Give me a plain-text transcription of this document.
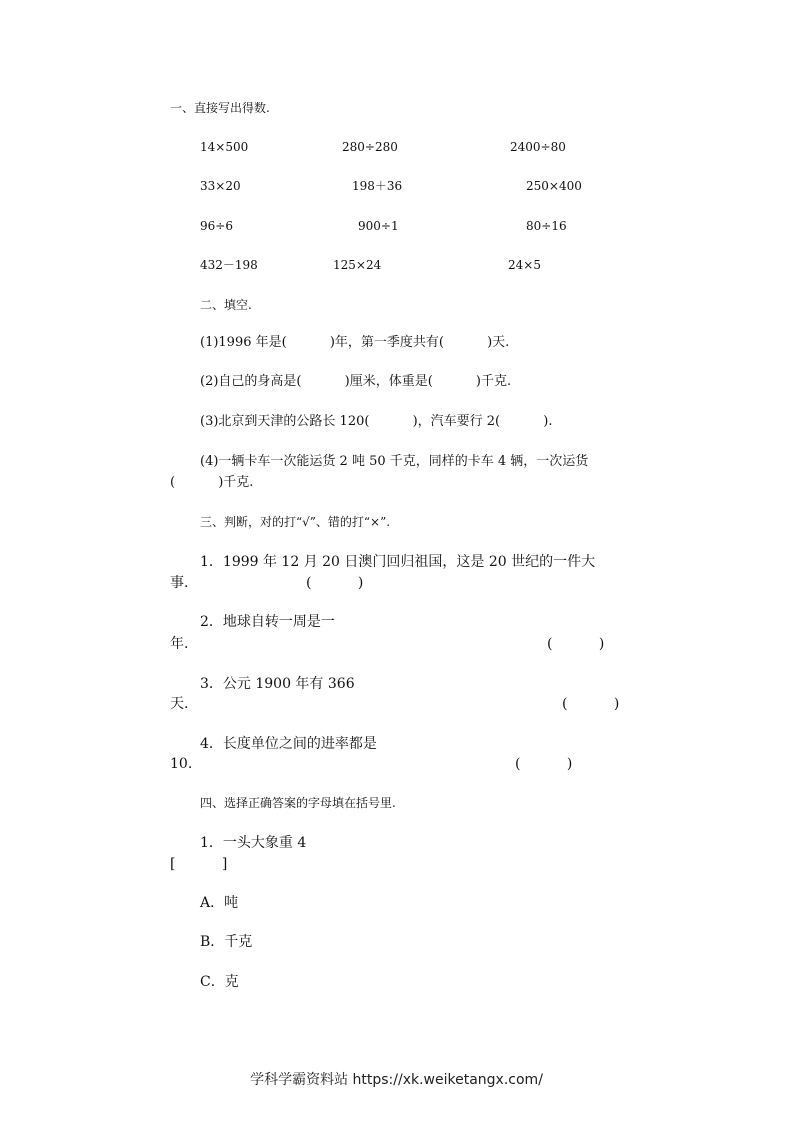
一、直接写出得数.
14×500	280÷280	2400÷80
33×20	198＋36	250×400
96÷6	900÷1	80÷16
432－198	125×24	24×5
二、填空.
(1)1996 年是(　　　 )年，第一季度共有(　　　 )天.
(2)自己的身高是(　　　 )厘米，体重是(　　　 )千克.
(3)北京到天津的公路长 120(　　　 )，汽车要行 2(　　　 ).
(4)一辆卡车一次能运货 2 吨 50 千克，同样的卡车 4 辆，一次运货
(　　　 )千克.
三、判断，对的打“√”、错的打“×”.
1．1999 年 12 月 20 日澳门回归祖国，这是 20 世纪的一件大
事.	(　　　 )
2．地球自转一周是一
年.	(　　　 )
3．公元 1900 年有 366
天.	(　　　 )
4．长度单位之间的进率都是
10.	(　　　 )
四、选择正确答案的字母填在括号里.
1．一头大象重 4
[　　　 ]
A．吨
B．千克
C．克
学科学霸资料站 https://xk.weiketangx.com/
